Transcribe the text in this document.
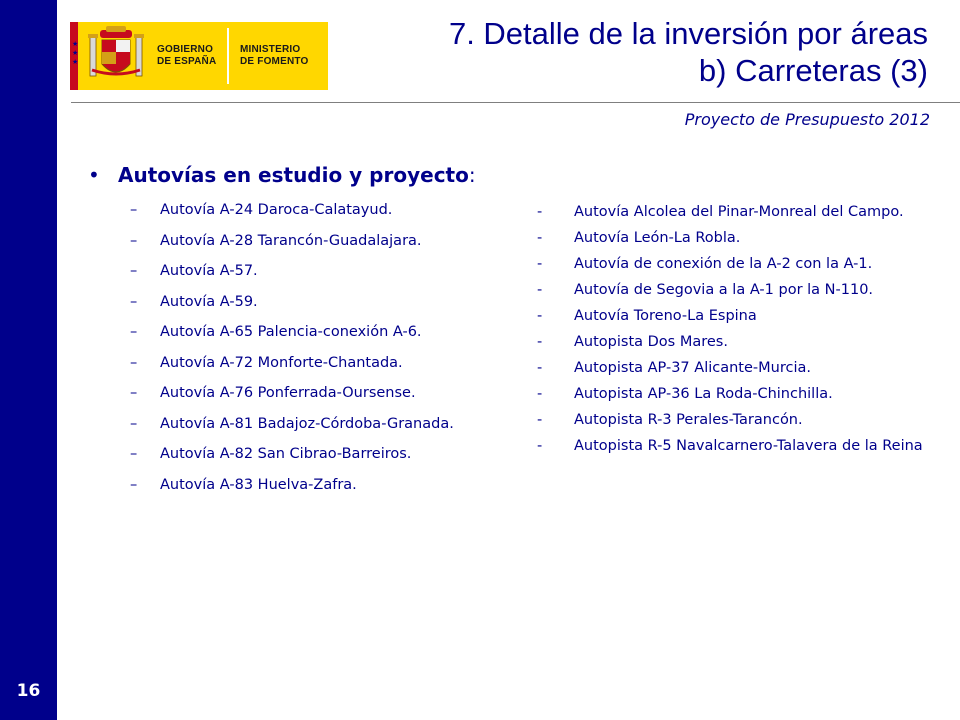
16
★
★
★
GOBIERNO
DE ESPAÑA
MINISTERIO
DE FOMENTO
7. Detalle de la inversión por áreas
b) Carreteras (3)
Proyecto de Presupuesto 2012
• Autovías en estudio y proyecto:
– Autovía A-24 Daroca-Calatayud.
– Autovía A-28 Tarancón-Guadalajara.
– Autovía A-57.
– Autovía A-59.
– Autovía A-65 Palencia-conexión A-6.
– Autovía A-72 Monforte-Chantada.
– Autovía A-76 Ponferrada-Oursense.
– Autovía A-81 Badajoz-Córdoba-Granada.
– Autovía A-82 San Cibrao-Barreiros.
– Autovía A-83 Huelva-Zafra.
- Autovía Alcolea del Pinar-Monreal del Campo.
- Autovía León-La Robla.
- Autovía de conexión de la A-2 con la A-1.
- Autovía de Segovia a la A-1 por la N-110.
- Autovía Toreno-La Espina
- Autopista Dos Mares.
- Autopista AP-37 Alicante-Murcia.
- Autopista AP-36 La Roda-Chinchilla.
- Autopista R-3 Perales-Tarancón.
- Autopista R-5 Navalcarnero-Talavera de la Reina
